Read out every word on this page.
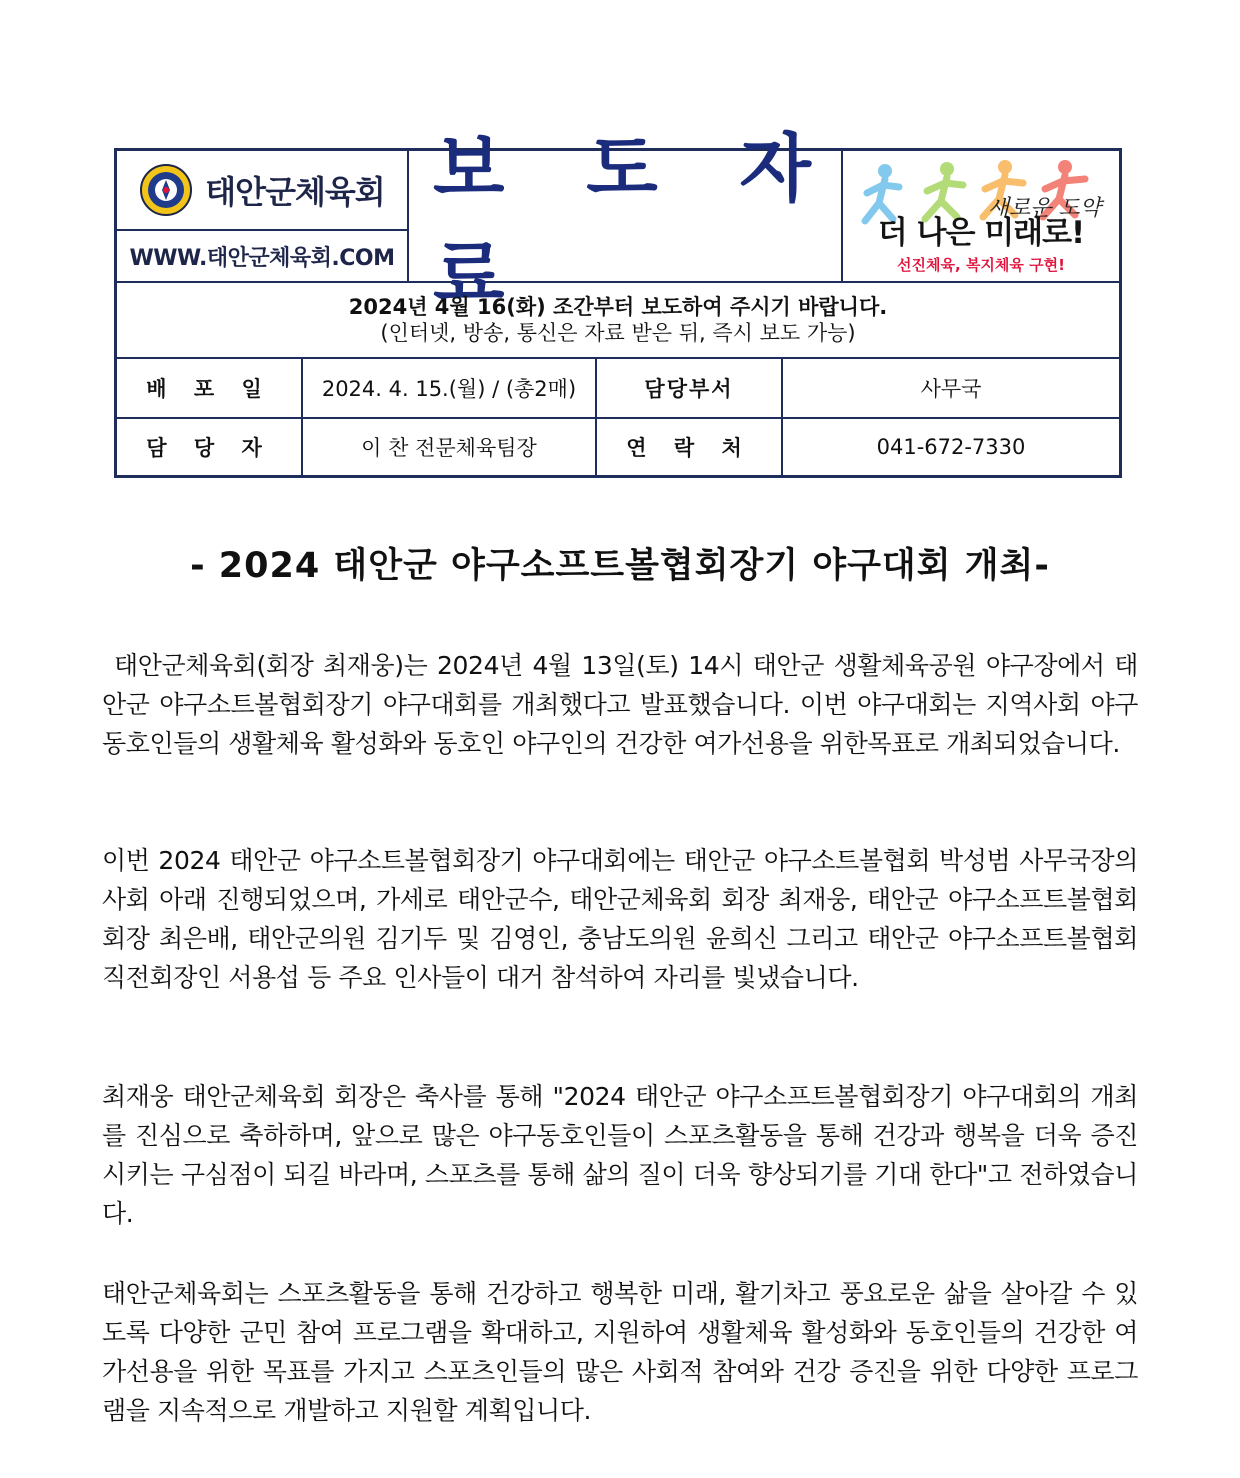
태안군체육회
WWW.태안군체육회.COM
보 도 자 료
새로운 도약
더 나은 미래로!
선진체육, 복지체육 구현!
2024년 4월 16(화) 조간부터 보도하여 주시기 바랍니다.
(인터넷, 방송, 통신은 자료 받은 뒤, 즉시 보도 가능)
배 포 일	2024. 4. 15.(월) / (총2매)	담당부서	사무국
담 당 자	이 찬 전문체육팀장	연 락 처	041-672-7330
- 2024 태안군 야구소프트볼협회장기 야구대회 개최-

태안군체육회(회장 최재웅)는 2024년 4월 13일(토) 14시 태안군 생활체육공원 야구장에서 태안군 야구소트볼협회장기 야구대회를 개최했다고 발표했습니다. 이번 야구대회는 지역사회 야구동호인들의 생활체육 활성화와 동호인 야구인의 건강한 여가선용을 위한목표로 개최되었습니다.

이번 2024 태안군 야구소트볼협회장기 야구대회에는 태안군 야구소트볼협회 박성범 사무국장의 사회 아래 진행되었으며, 가세로 태안군수, 태안군체육회 회장 최재웅, 태안군 야구소프트볼협회 회장 최은배, 태안군의원 김기두 및 김영인, 충남도의원 윤희신 그리고 태안군 야구소프트볼협회 직전회장인 서용섭 등 주요 인사들이 대거 참석하여 자리를 빛냈습니다.

최재웅 태안군체육회 회장은 축사를 통해 "2024 태안군 야구소프트볼협회장기 야구대회의 개최를 진심으로 축하하며, 앞으로 많은 야구동호인들이 스포츠활동을 통해 건강과 행복을 더욱 증진시키는 구심점이 되길 바라며, 스포츠를 통해 삶의 질이 더욱 향상되기를 기대 한다"고 전하였습니다.

태안군체육회는 스포츠활동을 통해 건강하고 행복한 미래, 활기차고 풍요로운 삶을 살아갈 수 있도록 다양한 군민 참여 프로그램을 확대하고, 지원하여 생활체육 활성화와 동호인들의 건강한 여가선용을 위한 목표를 가지고 스포츠인들의 많은 사회적 참여와 건강 증진을 위한 다양한 프로그램을 지속적으로 개발하고 지원할 계획입니다.
